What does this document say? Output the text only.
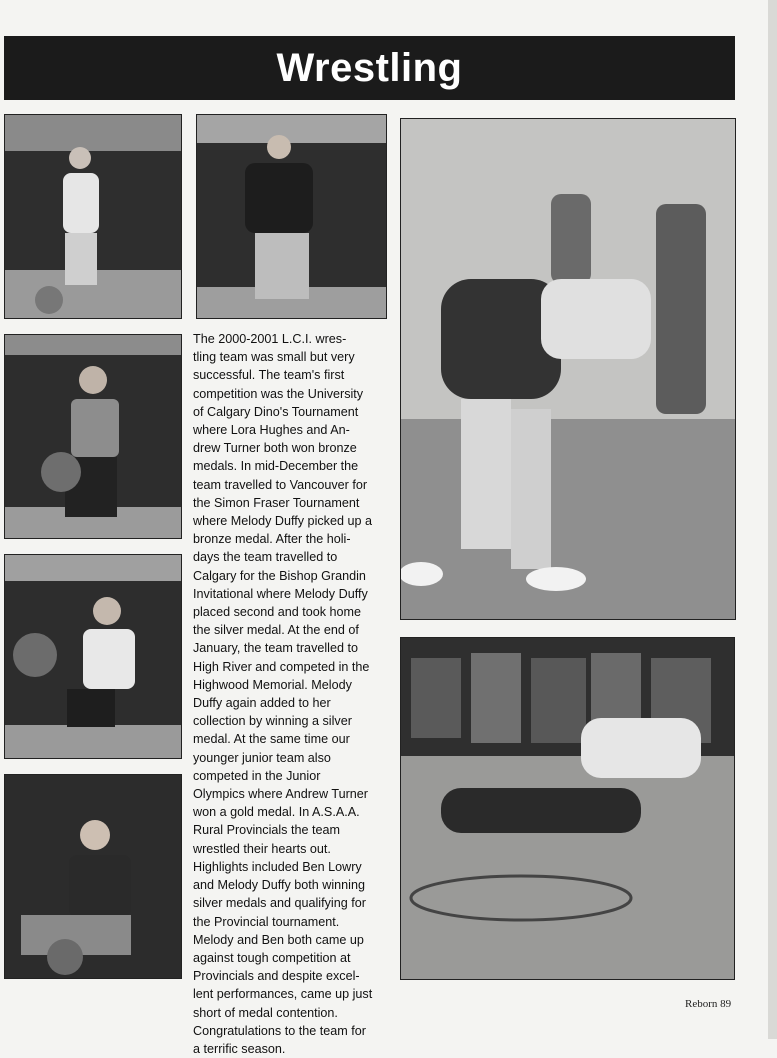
Wrestling
The 2000-2001 L.C.I. wres-
tling team was small but very
successful. The team's first
competition was the University
of Calgary Dino's Tournament
where Lora Hughes and An-
drew Turner both won bronze
medals. In mid-December the
team travelled to Vancouver for
the Simon Fraser Tournament
where Melody Duffy picked up a
bronze medal. After the holi-
days the team travelled to
Calgary for the Bishop Grandin
Invitational where Melody Duffy
placed second and took home
the silver medal. At the end of
January, the team travelled to
High River and competed in the
Highwood Memorial. Melody
Duffy again added to her
collection by winning a silver
medal. At the same time our
younger junior team also
competed in the Junior
Olympics where Andrew Turner
won a gold medal. In A.S.A.A.
Rural Provincials the team
wrestled their hearts out.
Highlights included Ben Lowry
and Melody Duffy both winning
silver medals and qualifying for
the Provincial tournament.
Melody and Ben both came up
against tough competition at
Provincials and despite excel-
lent performances, came up just
short of medal contention.
Congratulations to the team for
a terrific season.
Reborn 89
